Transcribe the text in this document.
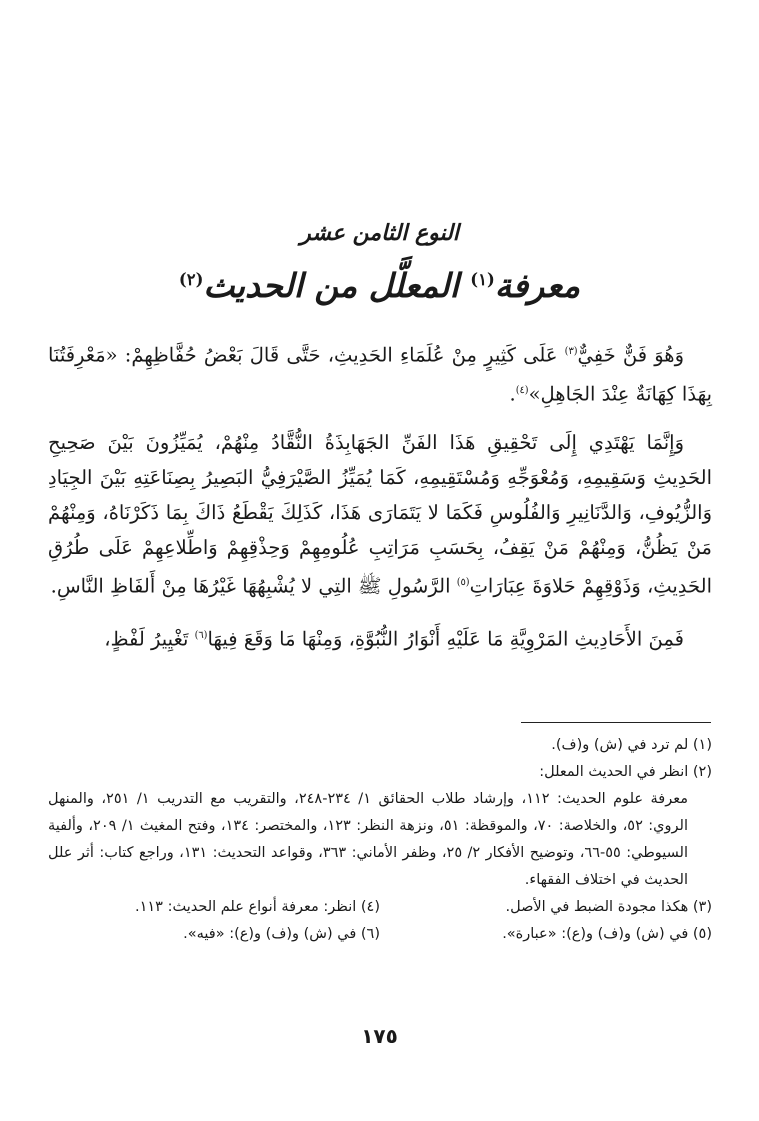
النوع الثامن عشر
معرفة$^{(١)}$ المعلَّل من الحديث$^{(٢)}$

وَهُوَ فَنٌّ خَفِيٌّ$^{(٣)}$ عَلَى كَثِيرٍ مِنْ عُلَمَاءِ الحَدِيثِ، حَتَّى قَالَ بَعْضُ حُفَّاظِهِمْ: «مَعْرِفَتُنَا بِهَذَا كِهَانَةٌ عِنْدَ الجَاهِلِ»$^{(٤)}$.

وَإِنَّمَا يَهْتَدِي إِلَى تَحْقِيقِ هَذَا الفَنِّ الجَهَابِذَةُ النُّقَّادُ مِنْهُمْ، يُمَيِّزُونَ بَيْنَ صَحِيحِ الحَدِيثِ وَسَقِيمِهِ، وَمُعْوَجِّهِ وَمُسْتَقِيمِهِ، كَمَا يُمَيِّزُ الصَّيْرَفِيُّ البَصِيرُ بِصِنَاعَتِهِ بَيْنَ الجِيَادِ وَالزُّيُوفِ، وَالدَّنَانِيرِ وَالفُلُوسِ فَكَمَا لا يَتَمَارَى هَذَا، كَذَلِكَ يَقْطَعُ ذَاكَ بِمَا ذَكَرْنَاهُ، وَمِنْهُمْ مَنْ يَظُنُّ، وَمِنْهُمْ مَنْ يَقِفُ، بِحَسَبِ مَرَاتِبِ عُلُومِهِمْ وَحِذْقِهِمْ وَاطِّلاعِهِمْ عَلَى طُرُقِ الحَدِيثِ، وَذَوْقِهِمْ حَلاوَةَ عِبَارَاتِ$^{(٥)}$ الرَّسُولِ ﷺ التِي لا يُشْبِهُهَا غَيْرُهَا مِنْ أَلفَاظِ النَّاسِ.

فَمِنَ الأَحَادِيثِ المَرْوِيَّةِ مَا عَلَيْهِ أَنْوَارُ النُّبُوَّةِ، وَمِنْهَا مَا وَقَعَ فِيهَا$^{(٦)}$ تَغْيِيرُ لَفْظٍ،

(١) لم ترد في (ش) و(ف).
(٢) انظر في الحديث المعلل:
معرفة علوم الحديث: ١١٢، وإرشاد طلاب الحقائق ١/ ٢٣٤-٢٤٨، والتقريب مع التدريب ١/ ٢٥١، والمنهل الروي: ٥٢، والخلاصة: ٧٠، والموقظة: ٥١، ونزهة النظر: ١٢٣، والمختصر: ١٣٤، وفتح المغيث ١/ ٢٠٩، وألفية السيوطي: ٥٥-٦٦، وتوضيح الأفكار ٢/ ٢٥، وظفر الأماني: ٣٦٣، وقواعد التحديث: ١٣١، وراجع كتاب: أثر علل الحديث في اختلاف الفقهاء.
(٣) هكذا مجودة الضبط في الأصل.
(٤) انظر: معرفة أنواع علم الحديث: ١١٣.
(٥) في (ش) و(ف) و(ع): «عبارة».
(٦) في (ش) و(ف) و(ع): «فيه».
١٧٥
